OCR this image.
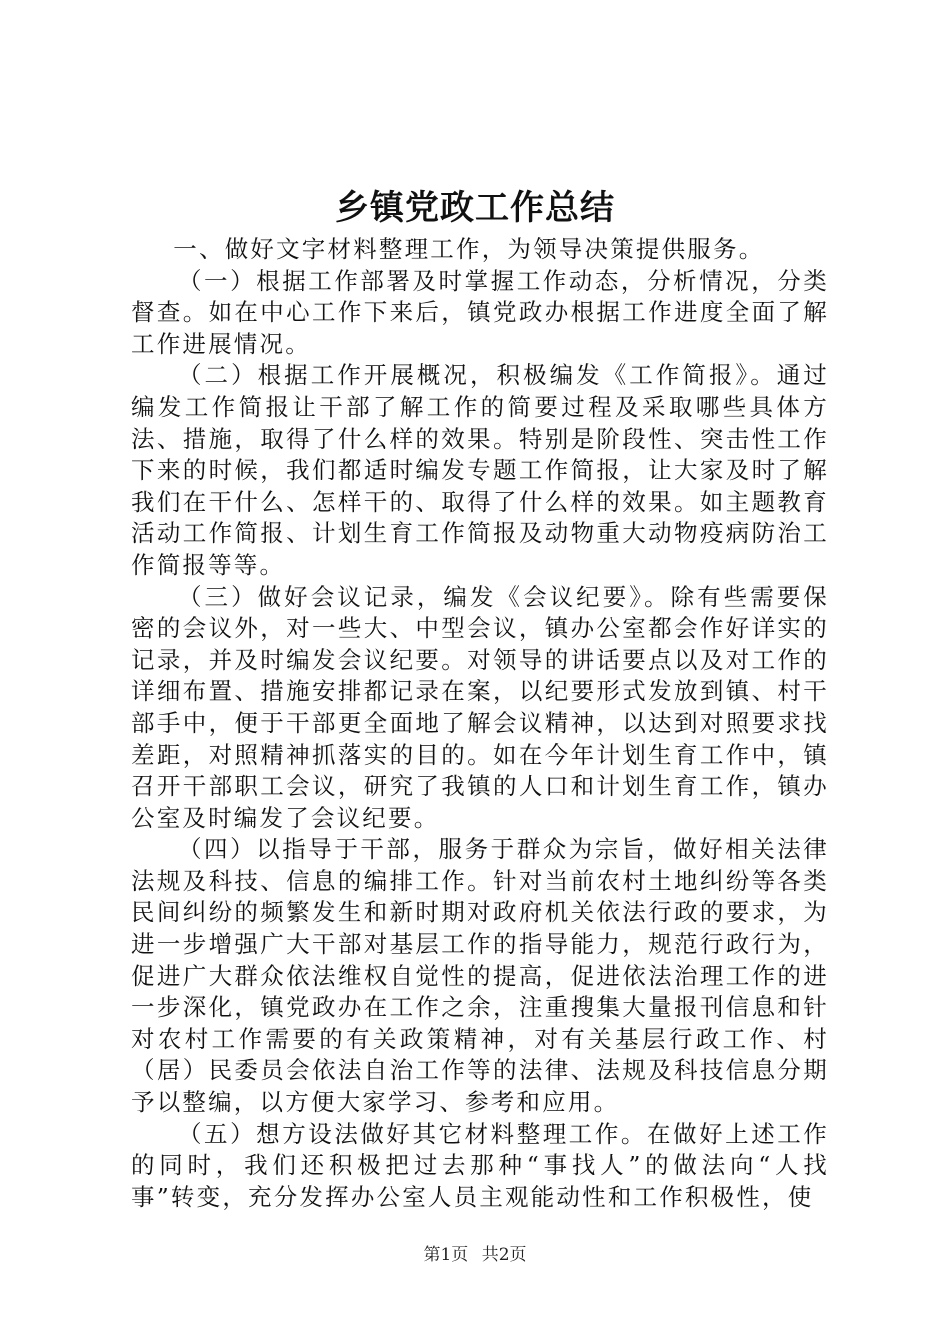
乡镇党政工作总结

一、做好文字材料整理工作，为领导决策提供服务。

（一）根据工作部署及时掌握工作动态，分析情况，分类督查。如在中心工作下来后，镇党政办根据工作进度全面了解工作进展情况。

（二）根据工作开展概况，积极编发《工作简报》。通过编发工作简报让干部了解工作的简要过程及采取哪些具体方法、措施，取得了什么样的效果。特别是阶段性、突击性工作下来的时候，我们都适时编发专题工作简报，让大家及时了解我们在干什么、怎样干的、取得了什么样的效果。如主题教育活动工作简报、计划生育工作简报及动物重大动物疫病防治工作简报等等。

（三）做好会议记录，编发《会议纪要》。除有些需要保密的会议外，对一些大、中型会议，镇办公室都会作好详实的记录，并及时编发会议纪要。对领导的讲话要点以及对工作的详细布置、措施安排都记录在案，以纪要形式发放到镇、村干部手中，便于干部更全面地了解会议精神，以达到对照要求找差距，对照精神抓落实的目的。如在今年计划生育工作中，镇召开干部职工会议，研究了我镇的人口和计划生育工作，镇办公室及时编发了会议纪要。

（四）以指导于干部，服务于群众为宗旨，做好相关法律法规及科技、信息的编排工作。针对当前农村土地纠纷等各类民间纠纷的频繁发生和新时期对政府机关依法行政的要求，为进一步增强广大干部对基层工作的指导能力，规范行政行为，促进广大群众依法维权自觉性的提高，促进依法治理工作的进一步深化，镇党政办在工作之余，注重搜集大量报刊信息和针对农村工作需要的有关政策精神，对有关基层行政工作、村（居）民委员会依法自治工作等的法律、法规及科技信息分期予以整编，以方便大家学习、参考和应用。

（五）想方设法做好其它材料整理工作。在做好上述工作的同时，我们还积极把过去那种“事找人”的做法向“人找事”转变，充分发挥办公室人员主观能动性和工作积极性，使

第1页 共2页
